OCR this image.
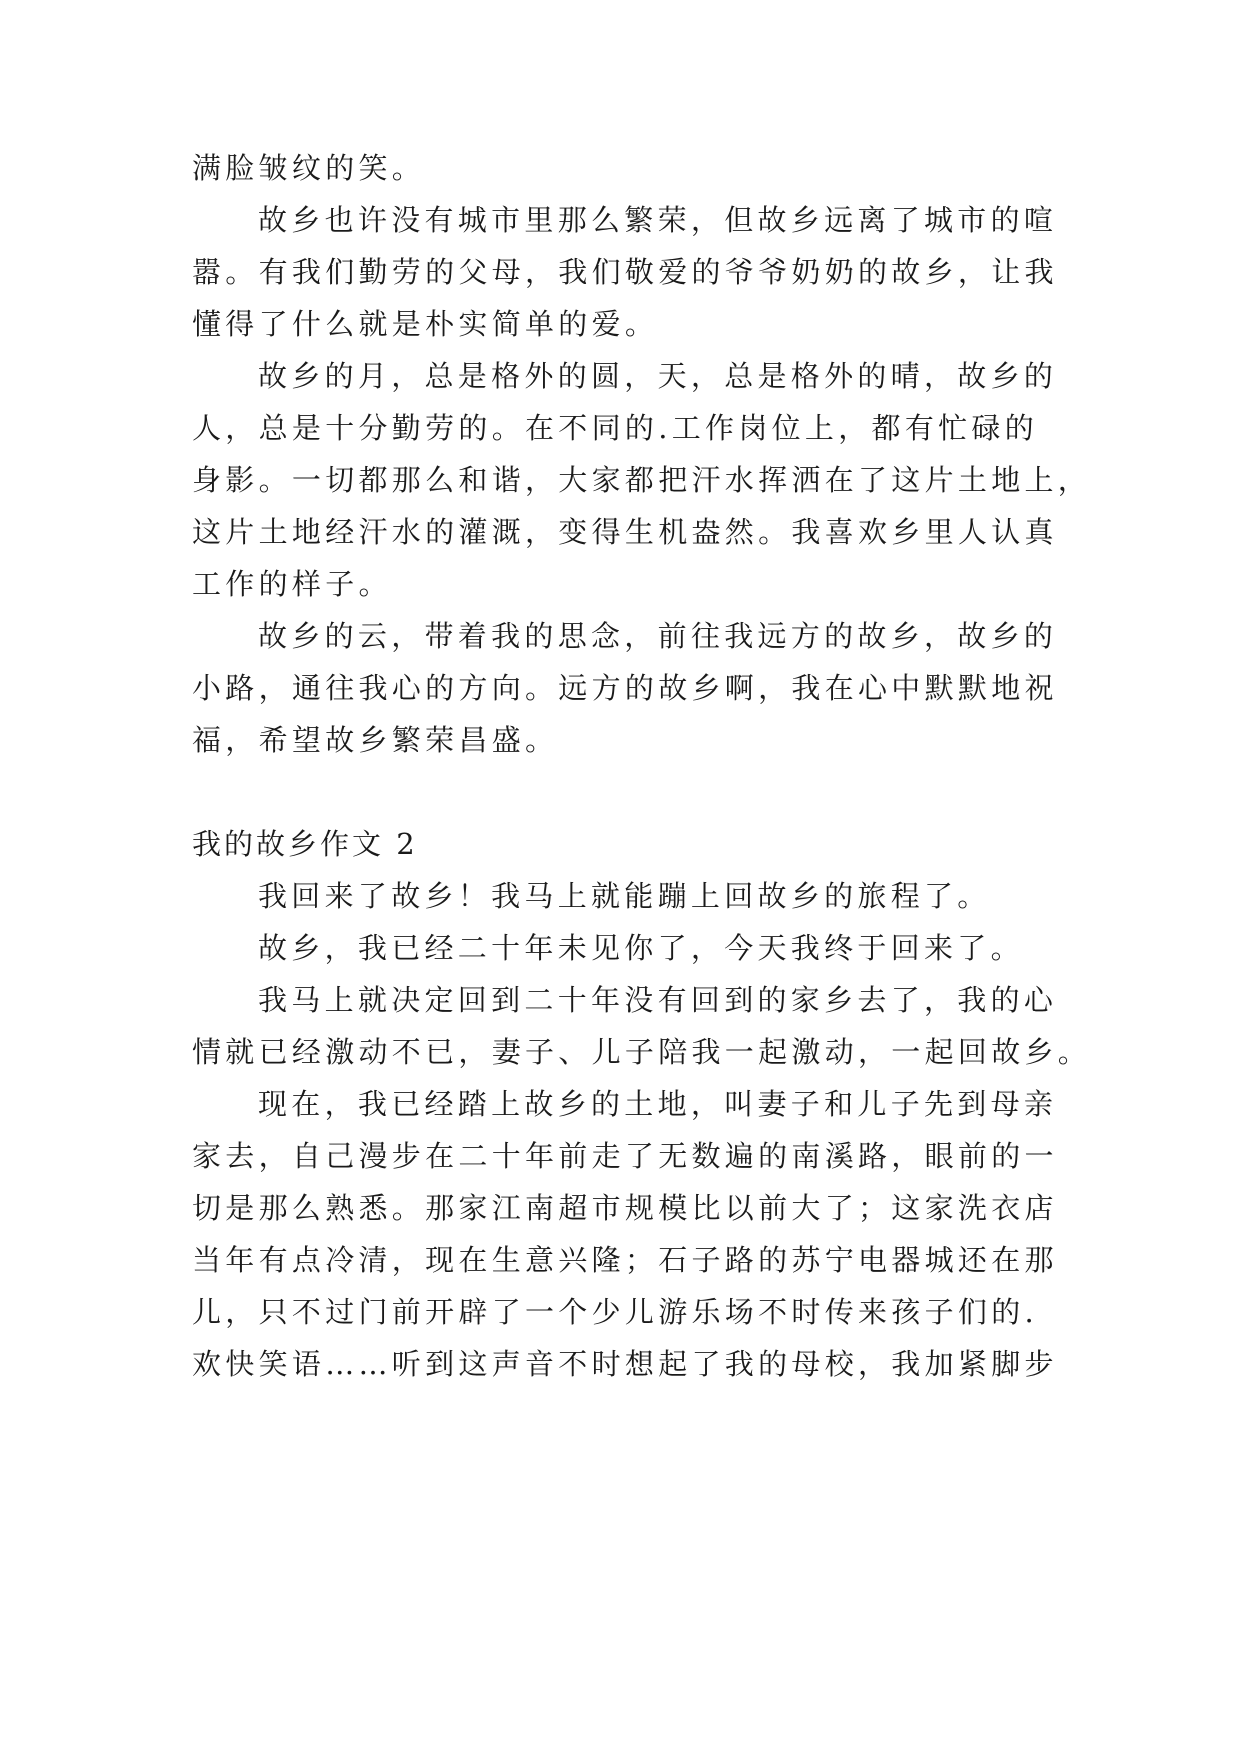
满脸皱纹的笑。
故乡也许没有城市里那么繁荣，但故乡远离了城市的喧
嚣。有我们勤劳的父母，我们敬爱的爷爷奶奶的故乡，让我
懂得了什么就是朴实简单的爱。
故乡的月，总是格外的圆，天，总是格外的晴，故乡的
人，总是十分勤劳的。在不同的.工作岗位上，都有忙碌的
身影。一切都那么和谐，大家都把汗水挥洒在了这片土地上，
这片土地经汗水的灌溉，变得生机盎然。我喜欢乡里人认真
工作的样子。
故乡的云，带着我的思念，前往我远方的故乡，故乡的
小路，通往我心的方向。远方的故乡啊，我在心中默默地祝
福，希望故乡繁荣昌盛。
我的故乡作文 2
我回来了故乡！我马上就能蹦上回故乡的旅程了。
故乡，我已经二十年未见你了，今天我终于回来了。
我马上就决定回到二十年没有回到的家乡去了，我的心
情就已经激动不已，妻子、儿子陪我一起激动，一起回故乡。
现在，我已经踏上故乡的土地，叫妻子和儿子先到母亲
家去，自己漫步在二十年前走了无数遍的南溪路，眼前的一
切是那么熟悉。那家江南超市规模比以前大了；这家洗衣店
当年有点冷清，现在生意兴隆；石子路的苏宁电器城还在那
儿，只不过门前开辟了一个少儿游乐场不时传来孩子们的.
欢快笑语……听到这声音不时想起了我的母校，我加紧脚步
